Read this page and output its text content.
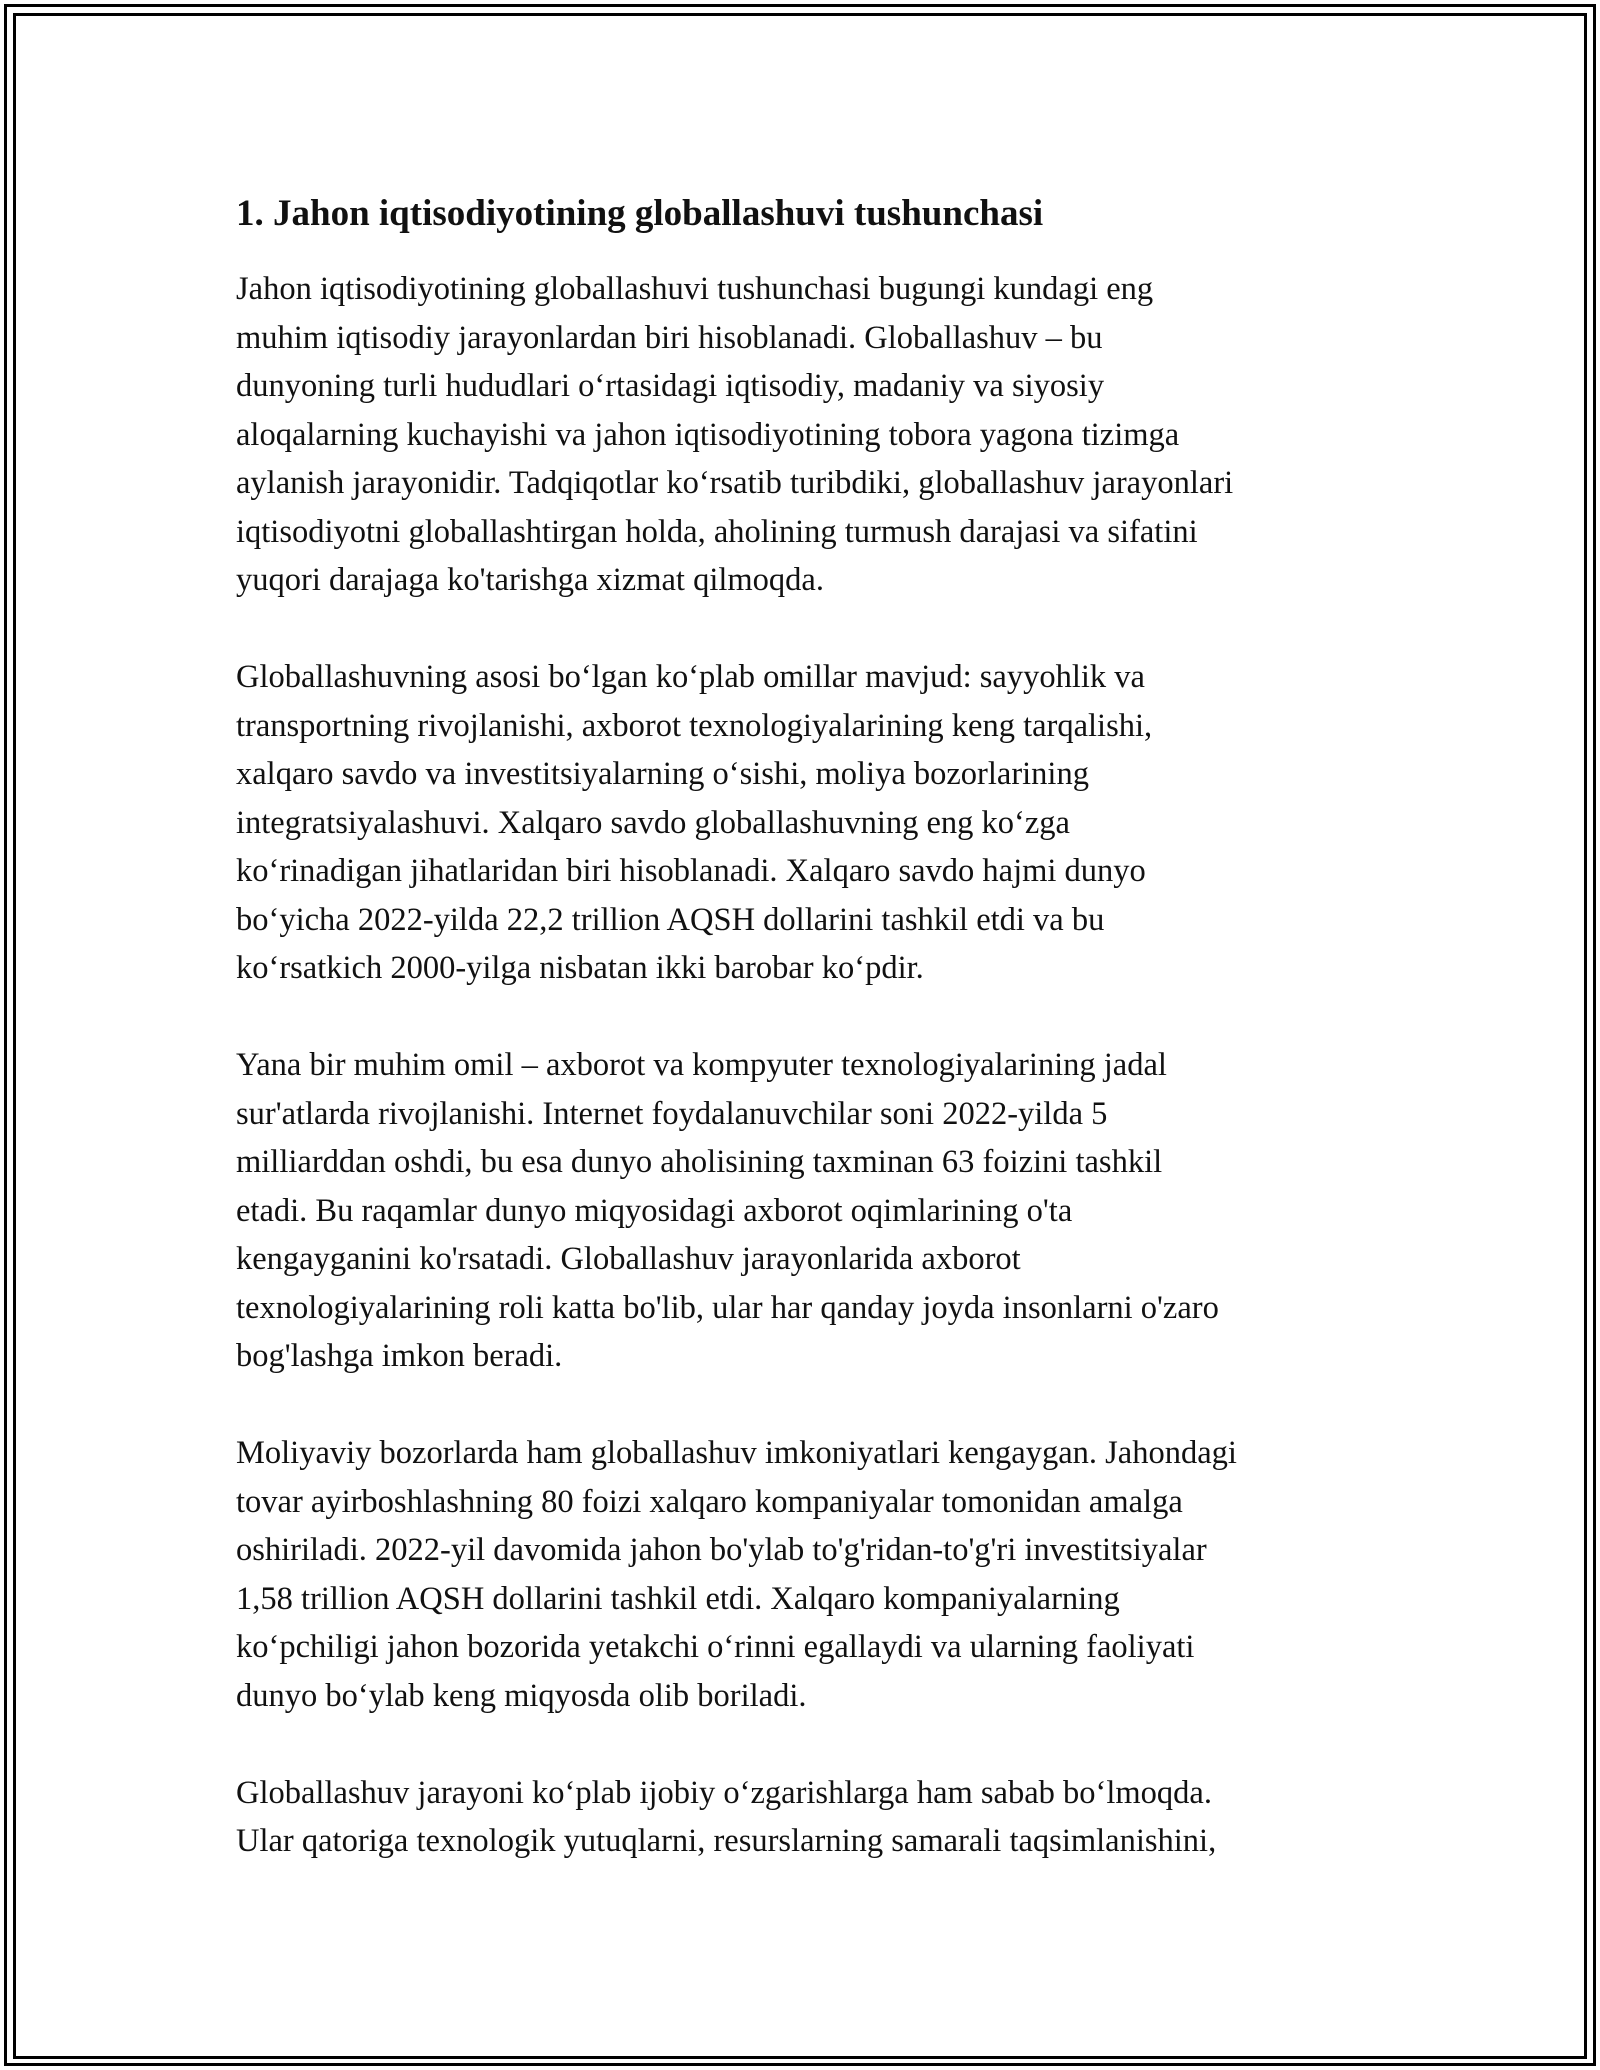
1. Jahon iqtisodiyotining globallashuvi tushunchasi

Jahon iqtisodiyotining globallashuvi tushunchasi bugungi kundagi eng
muhim iqtisodiy jarayonlardan biri hisoblanadi. Globallashuv – bu
dunyoning turli hududlari oʻrtasidagi iqtisodiy, madaniy va siyosiy
aloqalarning kuchayishi va jahon iqtisodiyotining tobora yagona tizimga
aylanish jarayonidir. Tadqiqotlar koʻrsatib turibdiki, globallashuv jarayonlari
iqtisodiyotni globallashtirgan holda, aholining turmush darajasi va sifatini
yuqori darajaga ko'tarishga xizmat qilmoqda.

Globallashuvning asosi boʻlgan koʻplab omillar mavjud: sayyohlik va
transportning rivojlanishi, axborot texnologiyalarining keng tarqalishi,
xalqaro savdo va investitsiyalarning oʻsishi, moliya bozorlarining
integratsiyalashuvi. Xalqaro savdo globallashuvning eng koʻzga
koʻrinadigan jihatlaridan biri hisoblanadi. Xalqaro savdo hajmi dunyo
boʻyicha 2022-yilda 22,2 trillion AQSH dollarini tashkil etdi va bu
koʻrsatkich 2000-yilga nisbatan ikki barobar koʻpdir.

Yana bir muhim omil – axborot va kompyuter texnologiyalarining jadal
sur'atlarda rivojlanishi. Internet foydalanuvchilar soni 2022-yilda 5
milliarddan oshdi, bu esa dunyo aholisining taxminan 63 foizini tashkil
etadi. Bu raqamlar dunyo miqyosidagi axborot oqimlarining o'ta
kengayganini ko'rsatadi. Globallashuv jarayonlarida axborot
texnologiyalarining roli katta bo'lib, ular har qanday joyda insonlarni o'zaro
bog'lashga imkon beradi.

Moliyaviy bozorlarda ham globallashuv imkoniyatlari kengaygan. Jahondagi
tovar ayirboshlashning 80 foizi xalqaro kompaniyalar tomonidan amalga
oshiriladi. 2022-yil davomida jahon bo'ylab to'g'ridan-to'g'ri investitsiyalar
1,58 trillion AQSH dollarini tashkil etdi. Xalqaro kompaniyalarning
koʻpchiligi jahon bozorida yetakchi oʻrinni egallaydi va ularning faoliyati
dunyo boʻylab keng miqyosda olib boriladi.

Globallashuv jarayoni koʻplab ijobiy oʻzgarishlarga ham sabab boʻlmoqda.
Ular qatoriga texnologik yutuqlarni, resurslarning samarali taqsimlanishini,
